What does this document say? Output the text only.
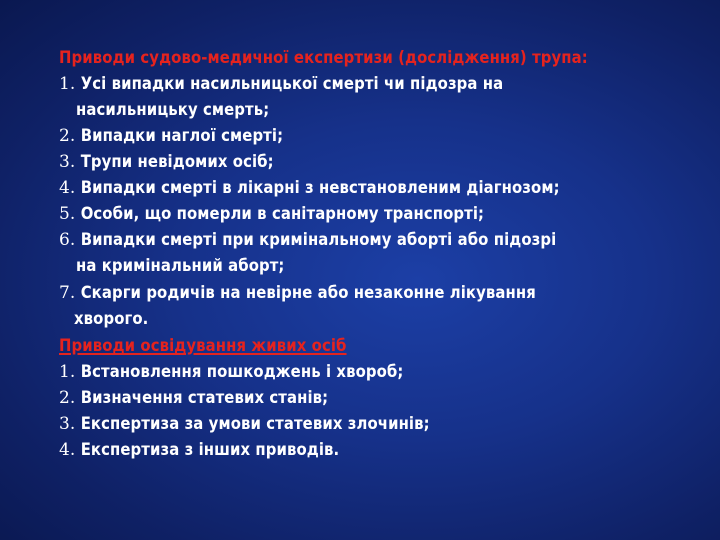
Приводи судово-медичної експертизи (дослідження) трупа:
1. Усі випадки насильницької смерті чи підозра на
насильницьку смерть;
2. Випадки наглої смерті;
3. Трупи невідомих осіб;
4. Випадки смерті в лікарні з невстановленим діагнозом;
5. Особи, що померли в санітарному транспорті;
6. Випадки смерті при кримінальному аборті або підозрі
на кримінальний аборт;
7. Скарги родичів на невірне або незаконне лікування
хворого.
Приводи освідування живих осіб
1. Встановлення пошкоджень і хвороб;
2. Визначення статевих станів;
3. Експертиза за умови статевих злочинів;
4. Експертиза з інших приводів.
